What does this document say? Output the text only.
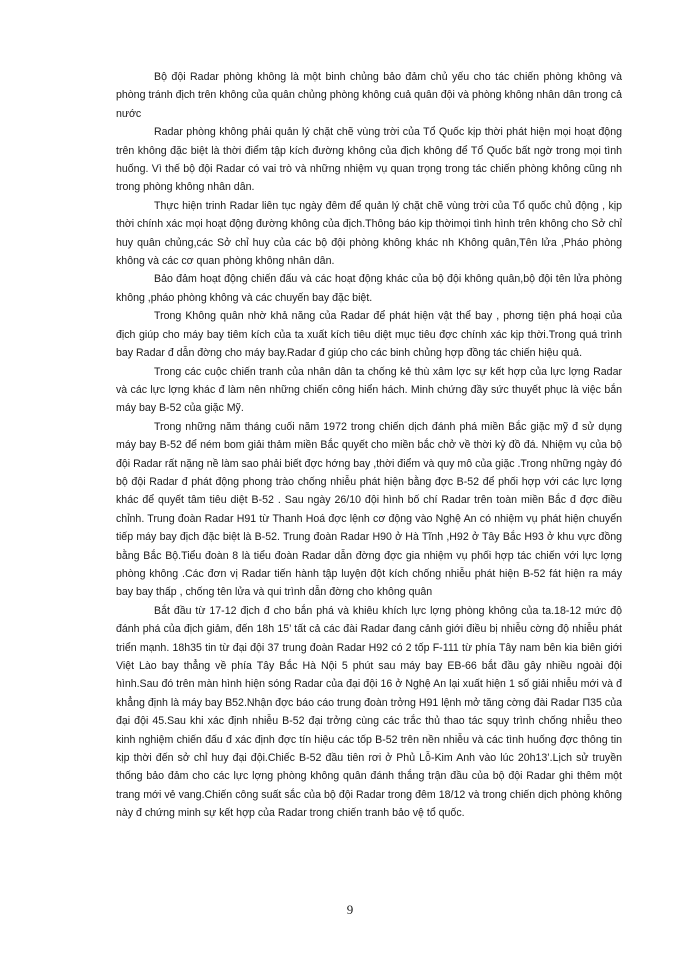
Bộ đội Radar phòng không là một binh chủng bảo đảm chủ yếu cho tác chiến phòng không và phòng tránh địch trên không của quân chủng phòng không cuả quân đội và phòng không nhân dân trong cả nước

Radar phòng không phải quản lý chặt chẽ vùng trời của Tổ Quốc kịp thời phát hiện mọi hoạt động trên không đặc biệt là thời điểm tập kích đường không của địch không để Tổ Quốc bất ngờ trong mọi tình huống. Vì thế bộ đội Radar có vai trò và những nhiệm vụ quan trọng trong tác chiến phòng không cũng nh trong phòng không nhân dân.

Thực hiện trinh Radar liên tục ngày đêm để quản lý chặt chẽ vùng trời của Tổ quốc chủ động , kịp thời chính xác mọi hoạt động đường không của địch.Thông báo kịp thờimọi tình hình trên không cho Sở chỉ huy quân chủng,các Sở chỉ huy của các bộ đội phòng không khác nh Không quân,Tên lửa ,Pháo phòng không và các cơ quan phòng không nhân dân.

Bảo đảm hoạt động chiến đấu và các hoạt động khác của bộ đội không quân,bộ đội tên lửa phòng không ,pháo phòng không và các chuyến bay đặc biệt.

Trong Không quân nhờ khả năng của Radar để phát hiện vật thể bay , phơng tiện phá hoại của địch giúp cho máy bay tiêm kích của ta xuất kích tiêu diệt mục tiêu đợc chính xác kịp thời.Trong quá trình bay Radar đ dẫn đờng cho máy bay.Radar đ giúp cho các binh chủng hợp đồng tác chiến hiệu quả.

Trong các cuộc chiến tranh của nhân dân ta chống kẻ thù xâm lợc sự kết hợp của lực lợng Radar và các lực lợng khác đ làm nên những chiến công hiển hách. Minh chứng đầy sức thuyết phục là việc bắn máy bay B-52 của giặc Mỹ.

Trong những năm tháng cuối năm 1972 trong chiến dịch đánh phá miền Bắc giặc mỹ đ sử dụng máy bay B-52 để ném bom giải thảm miền Bắc quyết cho miền bắc chở về thời kỳ đồ đá. Nhiệm vụ của bộ đội Radar rất nặng nề làm sao phải biết đợc hớng bay ,thời điểm và quy mô của giặc .Trong những ngày đó bộ đội Radar đ phát động phong trào chống nhiễu phát hiện bằng đợc B-52 để phối hợp với các lực lợng khác để quyết tâm tiêu diệt B-52 . Sau ngày 26/10 đội hình bố chí Radar trên toàn miền Bắc đ đợc điều chỉnh. Trung đoàn Radar H91 từ Thanh Hoá đợc lệnh cơ động vào Nghệ An có nhiệm vụ phát hiện chuyển tiếp máy bay địch đặc biệt là B-52. Trung đoàn Radar H90 ở Hà Tĩnh ,H92 ở Tây Bắc H93 ở khu vực đồng bằng Bắc Bộ.Tiểu đoàn 8 là tiểu đoàn Radar dẫn đờng đợc gia nhiệm vụ phối hợp tác chiến với lực lợng phòng không .Các đơn vị Radar tiến hành tập luyện đột kích chống nhiễu phát hiện B-52 fát hiện ra máy bay bay thấp , chống tên lửa và qui trình dẫn đờng cho không quân

Bắt đầu từ 17-12 địch đ cho bắn phá và khiêu khích lực lợng phòng không của ta.18-12 mức độ đánh phá của địch giảm, đến 18h 15’ tất cả các đài Radar đang cảnh giới điều bị nhiễu cờng độ nhiễu phát triển mạnh. 18h35 tin từ đại đội 37 trung đoàn Radar H92 có 2 tốp F-111 từ phía Tây nam bên kia biên giới Việt Lào bay thẳng về phía Tây Bắc Hà Nội 5 phút sau máy bay EB-66 bắt đầu gây nhiều ngoài đội hình.Sau đó trên màn hình hiện sóng Radar của đại đội 16 ở Nghệ An lại xuất hiện 1 số giải nhiễu mới và đ khẳng định là máy bay B52.Nhận đợc báo cáo trung đoàn trởng H91 lệnh mở tăng cờng đài Radar Π35 của đại đội 45.Sau khi xác định nhiễu B-52 đại trởng cùng các trắc thủ thao tác squy trình chống nhiễu theo kinh nghiệm chiến đấu đ xác định đợc tín hiệu các tốp B-52 trên nền nhiễu và các tình huống đợc thông tin kịp thời đến sở chỉ huy đại đội.Chiếc B-52 đầu tiên rơi ở Phủ Lỗ-Kim Anh vào lúc 20h13’.Lịch sử truyền thống bảo đảm cho các lực lợng phòng không quân đánh thắng trận đầu của bộ đội Radar ghi thêm một trang mới vẻ vang.Chiến công suất sắc của bộ đội Radar trong đêm 18/12 và trong chiến dịch phòng không này đ chứng minh sự kết hợp của Radar trong chiến tranh bảo vệ tổ quốc.

9
